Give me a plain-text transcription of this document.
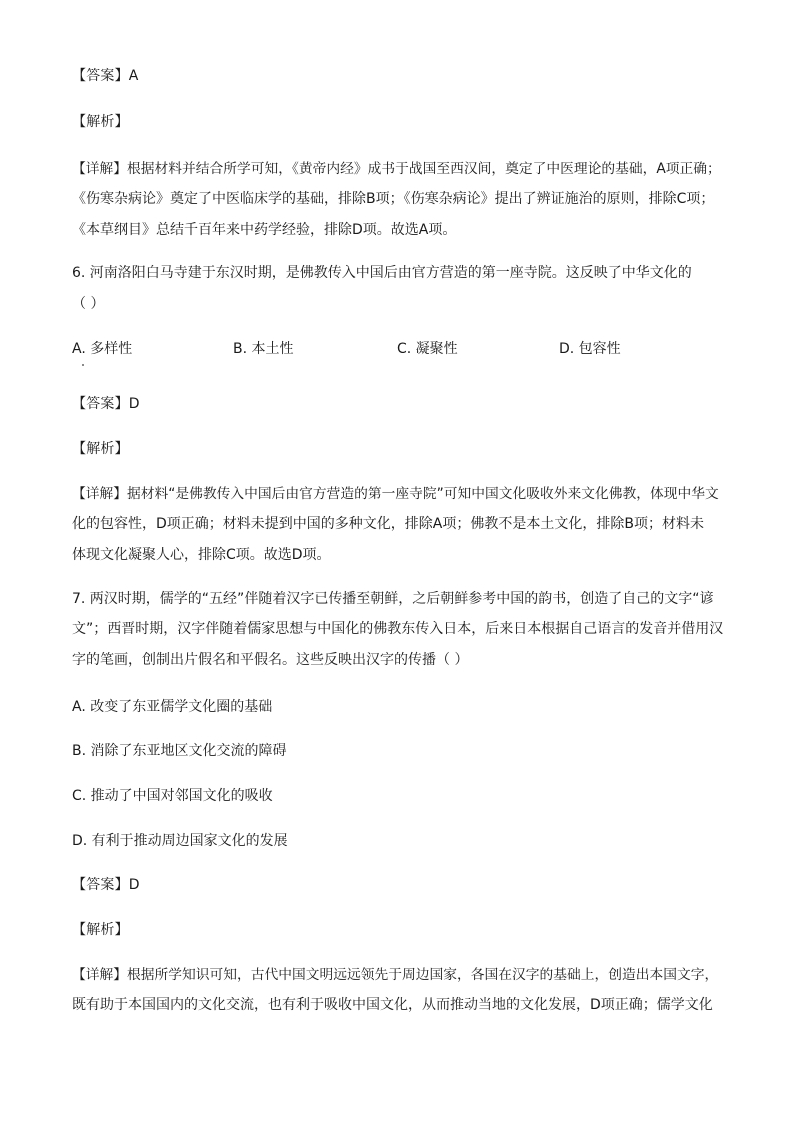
【答案】A
【解析】
【详解】根据材料并结合所学可知，《黄帝内经》成书于战国至西汉间，奠定了中医理论的基础，A项正确；
《伤寒杂病论》奠定了中医临床学的基础，排除B项；《伤寒杂病论》提出了辨证施治的原则，排除C项；
《本草纲目》总结千百年来中药学经验，排除D项。故选A项。
6. 河南洛阳白马寺建于东汉时期，是佛教传入中国后由官方营造的第一座寺院。这反映了中华文化的
（ ）
A. 多样性	B. 本土性	C. 凝聚性	D. 包容性
【答案】D
【解析】
【详解】据材料“是佛教传入中国后由官方营造的第一座寺院”可知中国文化吸收外来文化佛教，体现中华文
化的包容性，D项正确；材料未提到中国的多种文化，排除A项；佛教不是本土文化，排除B项；材料未
体现文化凝聚人心，排除C项。故选D项。
7. 两汉时期，儒学的“五经”伴随着汉字已传播至朝鲜，之后朝鲜参考中国的韵书，创造了自己的文字“谚
文”；西晋时期，汉字伴随着儒家思想与中国化的佛教东传入日本，后来日本根据自己语言的发音并借用汉
字的笔画，创制出片假名和平假名。这些反映出汉字的传播（ ）
A. 改变了东亚儒学文化圈的基础
B. 消除了东亚地区文化交流的障碍
C. 推动了中国对邻国文化的吸收
D. 有利于推动周边国家文化的发展
【答案】D
【解析】
【详解】根据所学知识可知，古代中国文明远远领先于周边国家，各国在汉字的基础上，创造出本国文字，
既有助于本国国内的文化交流，也有利于吸收中国文化，从而推动当地的文化发展，D项正确；儒学文化
